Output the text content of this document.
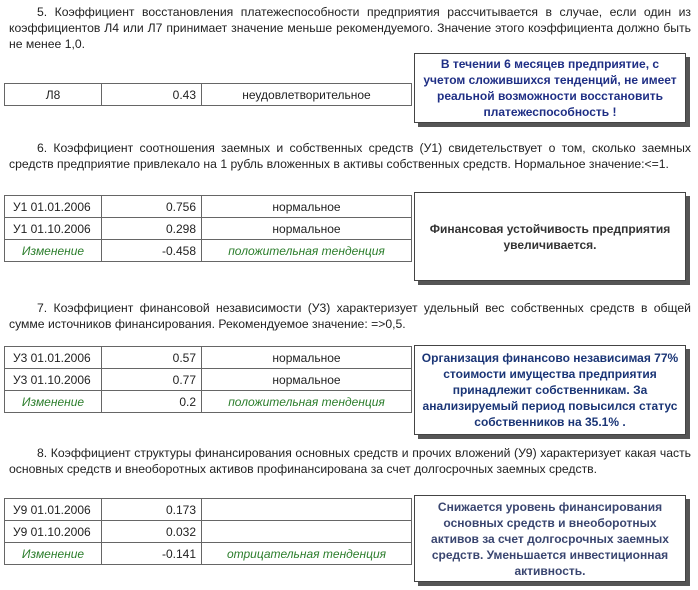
5. Коэффициент восстановления платежеспособности предприятия рассчитывается в случае, если один из коэффициентов Л4 или Л7 принимает значение меньше рекомендуемого. Значение этого коэффициента должно быть не менее 1,0.
Л8	0.43	неудовлетворительное
В течении 6 месяцев предприятие, с учетом сложившихся тенденций, не имеет реальной возможности восстановить платежеспособность !
6. Коэффициент соотношения заемных и собственных средств (У1) свидетельствует о том, сколько заемных средств предприятие привлекало на 1 рубль вложенных в активы собственных средств. Нормальное значение:<=1.
У1 01.01.2006	0.756	нормальное
У1 01.10.2006	0.298	нормальное
Изменение	-0.458	положительная тенденция
Финансовая устойчивость предприятия увеличивается.
7. Коэффициент финансовой независимости (У3) характеризует удельный вес собственных средств в общей сумме источников финансирования. Рекомендуемое значение: =>0,5.
У3 01.01.2006	0.57	нормальное
У3 01.10.2006	0.77	нормальное
Изменение	0.2	положительная тенденция
Организация финансово независимая 77% стоимости имущества предприятия принадлежит собственникам. За анализируемый период повысился статус собственников на 35.1% .
8. Коэффициент структуры финансирования основных средств и прочих вложений (У9) характеризует какая часть основных средств и внеоборотных активов профинансирована за счет долгосрочных заемных средств.
У9 01.01.2006	0.173	
У9 01.10.2006	0.032	
Изменение	-0.141	отрицательная тенденция
Снижается уровень финансирования основных средств и внеоборотных активов за счет долгосрочных заемных средств. Уменьшается инвестиционная активность.
